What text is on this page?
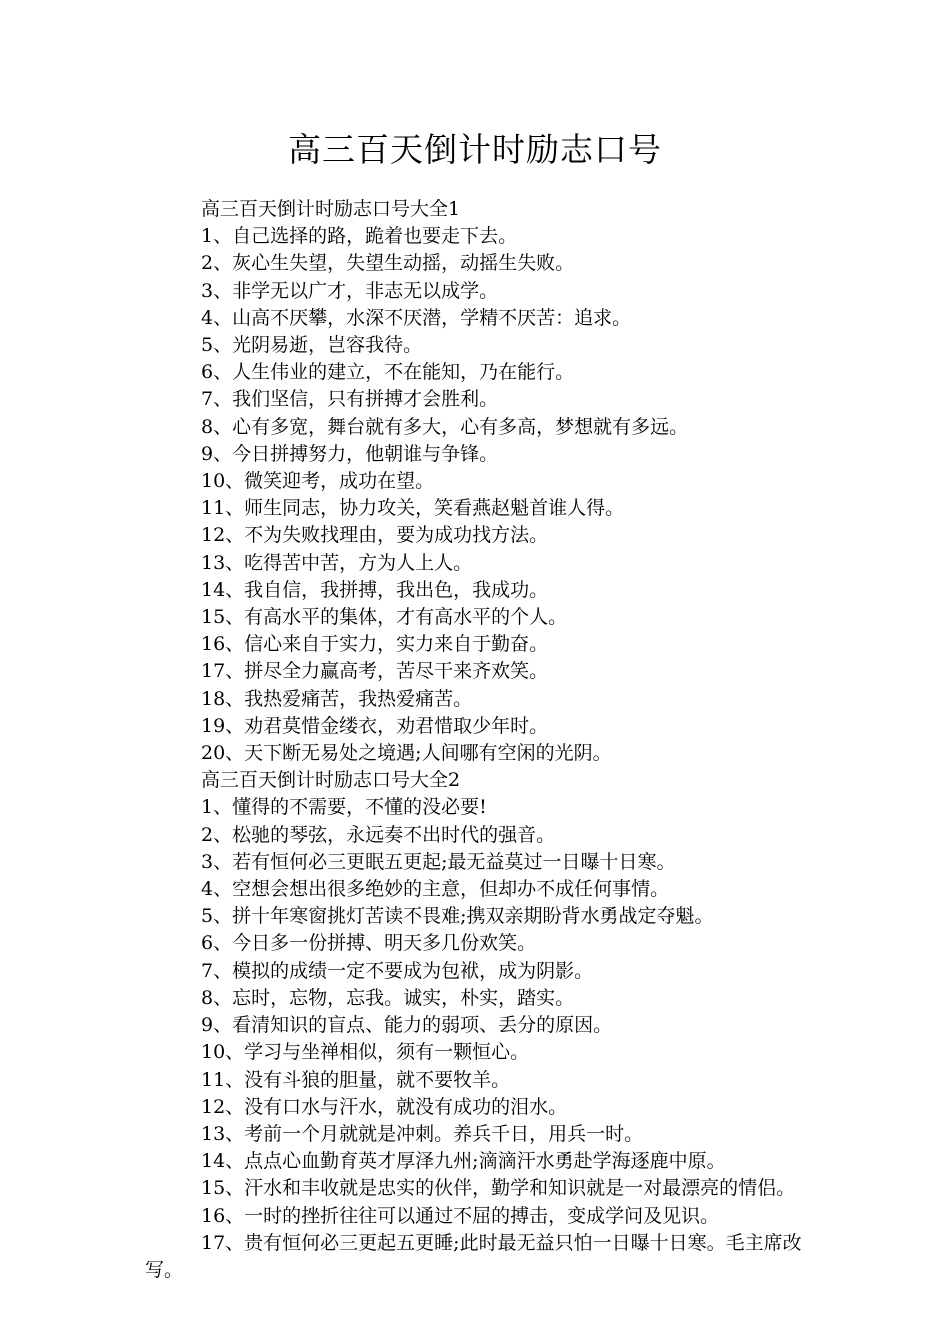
高三百天倒计时励志口号

高三百天倒计时励志口号大全1

1、自己选择的路，跪着也要走下去。

2、灰心生失望，失望生动摇，动摇生失败。

3、非学无以广才，非志无以成学。

4、山高不厌攀，水深不厌潜，学精不厌苦：追求。

5、光阴易逝，岂容我待。

6、人生伟业的建立，不在能知，乃在能行。

7、我们坚信，只有拼搏才会胜利。

8、心有多宽，舞台就有多大，心有多高，梦想就有多远。

9、今日拼搏努力，他朝谁与争锋。

10、微笑迎考，成功在望。

11、师生同志，协力攻关，笑看燕赵魁首谁人得。

12、不为失败找理由，要为成功找方法。

13、吃得苦中苦，方为人上人。

14、我自信，我拼搏，我出色，我成功。

15、有高水平的集体，才有高水平的个人。

16、信心来自于实力，实力来自于勤奋。

17、拼尽全力赢高考，苦尽干来齐欢笑。

18、我热爱痛苦，我热爱痛苦。

19、劝君莫惜金缕衣，劝君惜取少年时。

20、天下断无易处之境遇;人间哪有空闲的光阴。

高三百天倒计时励志口号大全2

1、懂得的不需要，不懂的没必要!

2、松驰的琴弦，永远奏不出时代的强音。

3、若有恒何必三更眠五更起;最无益莫过一日曝十日寒。

4、空想会想出很多绝妙的主意，但却办不成任何事情。

5、拼十年寒窗挑灯苦读不畏难;携双亲期盼背水勇战定夺魁。

6、今日多一份拼搏、明天多几份欢笑。

7、模拟的成绩一定不要成为包袱，成为阴影。

8、忘时，忘物，忘我。诚实，朴实，踏实。

9、看清知识的盲点、能力的弱项、丢分的原因。

10、学习与坐禅相似，须有一颗恒心。

11、没有斗狼的胆量，就不要牧羊。

12、没有口水与汗水，就没有成功的泪水。

13、考前一个月就就是冲刺。养兵千日，用兵一时。

14、点点心血勤育英才厚泽九州;滴滴汗水勇赴学海逐鹿中原。

15、汗水和丰收就是忠实的伙伴，勤学和知识就是一对最漂亮的情侣。

16、一时的挫折往往可以通过不屈的搏击，变成学问及见识。

17、贵有恒何必三更起五更睡;此时最无益只怕一日曝十日寒。毛主席改写。
